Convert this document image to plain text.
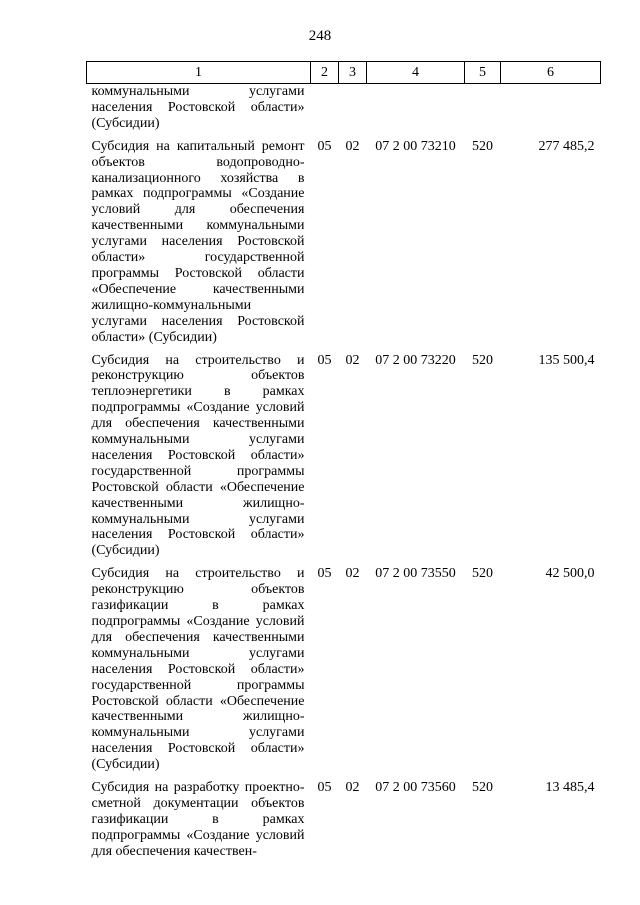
248
1	2	3	4	5	6

коммунальными услугами населения Ростовской области» (Субсидии)					

Субсидия на капитальный ремонт объектов водопроводно-канализационного хозяйства в рамках подпрограммы «Создание условий для обеспечения качественными коммунальными услугами населения Ростовской области» государственной программы Ростовской области «Обеспечение качественными жилищно-коммунальными услугами населения Ростовской области» (Субсидии)	05	02	07 2 00 73210	520	277 485,2
Субсидия на строительство и реконструкцию объектов теплоэнергетики в рамках подпрограммы «Создание условий для обеспечения качественными коммунальными услугами населения Ростовской области» государственной программы Ростовской области «Обеспечение качественными жилищно-коммунальными услугами населения Ростовской области» (Субсидии)	05	02	07 2 00 73220	520	135 500,4
Субсидия на строительство и реконструкцию объектов газификации в рамках подпрограммы «Создание условий для обеспечения качественными коммунальными услугами населения Ростовской области» государственной программы Ростовской области «Обеспечение качественными жилищно-коммунальными услугами населения Ростовской области» (Субсидии)	05	02	07 2 00 73550	520	42 500,0
Субсидия на разработку проектно-сметной документации объектов газификации в рамках подпрограммы «Создание условий для обеспечения качествен-	05	02	07 2 00 73560	520	13 485,4
